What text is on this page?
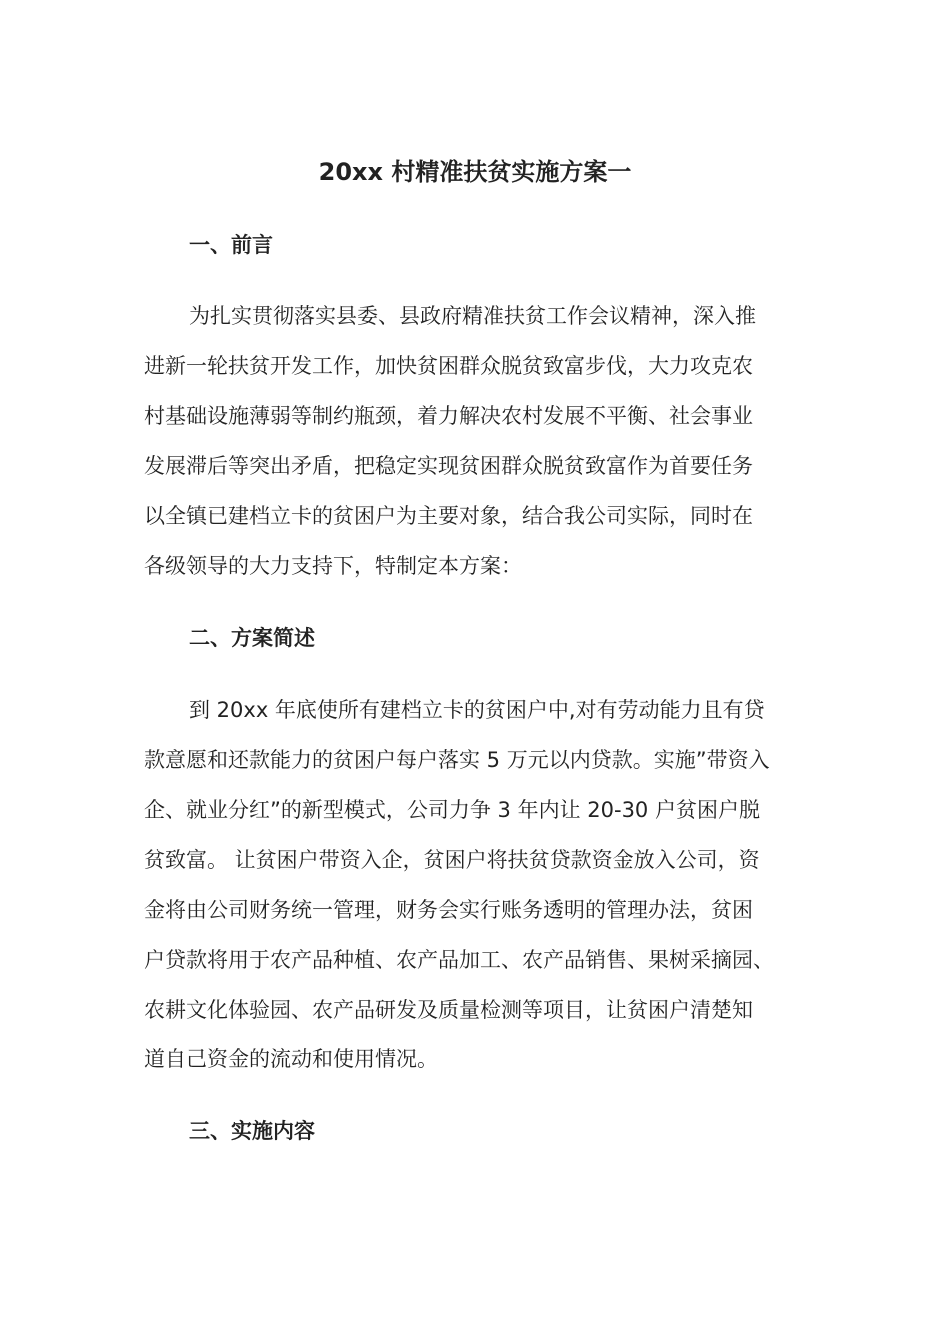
20xx 村精准扶贫实施方案一
一、前言

为扎实贯彻落实县委、县政府精准扶贫工作会议精神，深入推

进新一轮扶贫开发工作，加快贫困群众脱贫致富步伐，大力攻克农

村基础设施薄弱等制约瓶颈，着力解决农村发展不平衡、社会事业

发展滞后等突出矛盾，把稳定实现贫困群众脱贫致富作为首要任务

以全镇已建档立卡的贫困户为主要对象，结合我公司实际，同时在

各级领导的大力支持下，特制定本方案：

二、方案简述

到 20xx 年底使所有建档立卡的贫困户中,对有劳动能力且有贷

款意愿和还款能力的贫困户每户落实 5 万元以内贷款。实施”带资入

企、就业分红”的新型模式，公司力争 3 年内让 20-30 户贫困户脱

贫致富。 让贫困户带资入企，贫困户将扶贫贷款资金放入公司，资

金将由公司财务统一管理，财务会实行账务透明的管理办法，贫困

户贷款将用于农产品种植、农产品加工、农产品销售、果树采摘园、

农耕文化体验园、农产品研发及质量检测等项目，让贫困户清楚知

道自己资金的流动和使用情况。

三、实施内容
